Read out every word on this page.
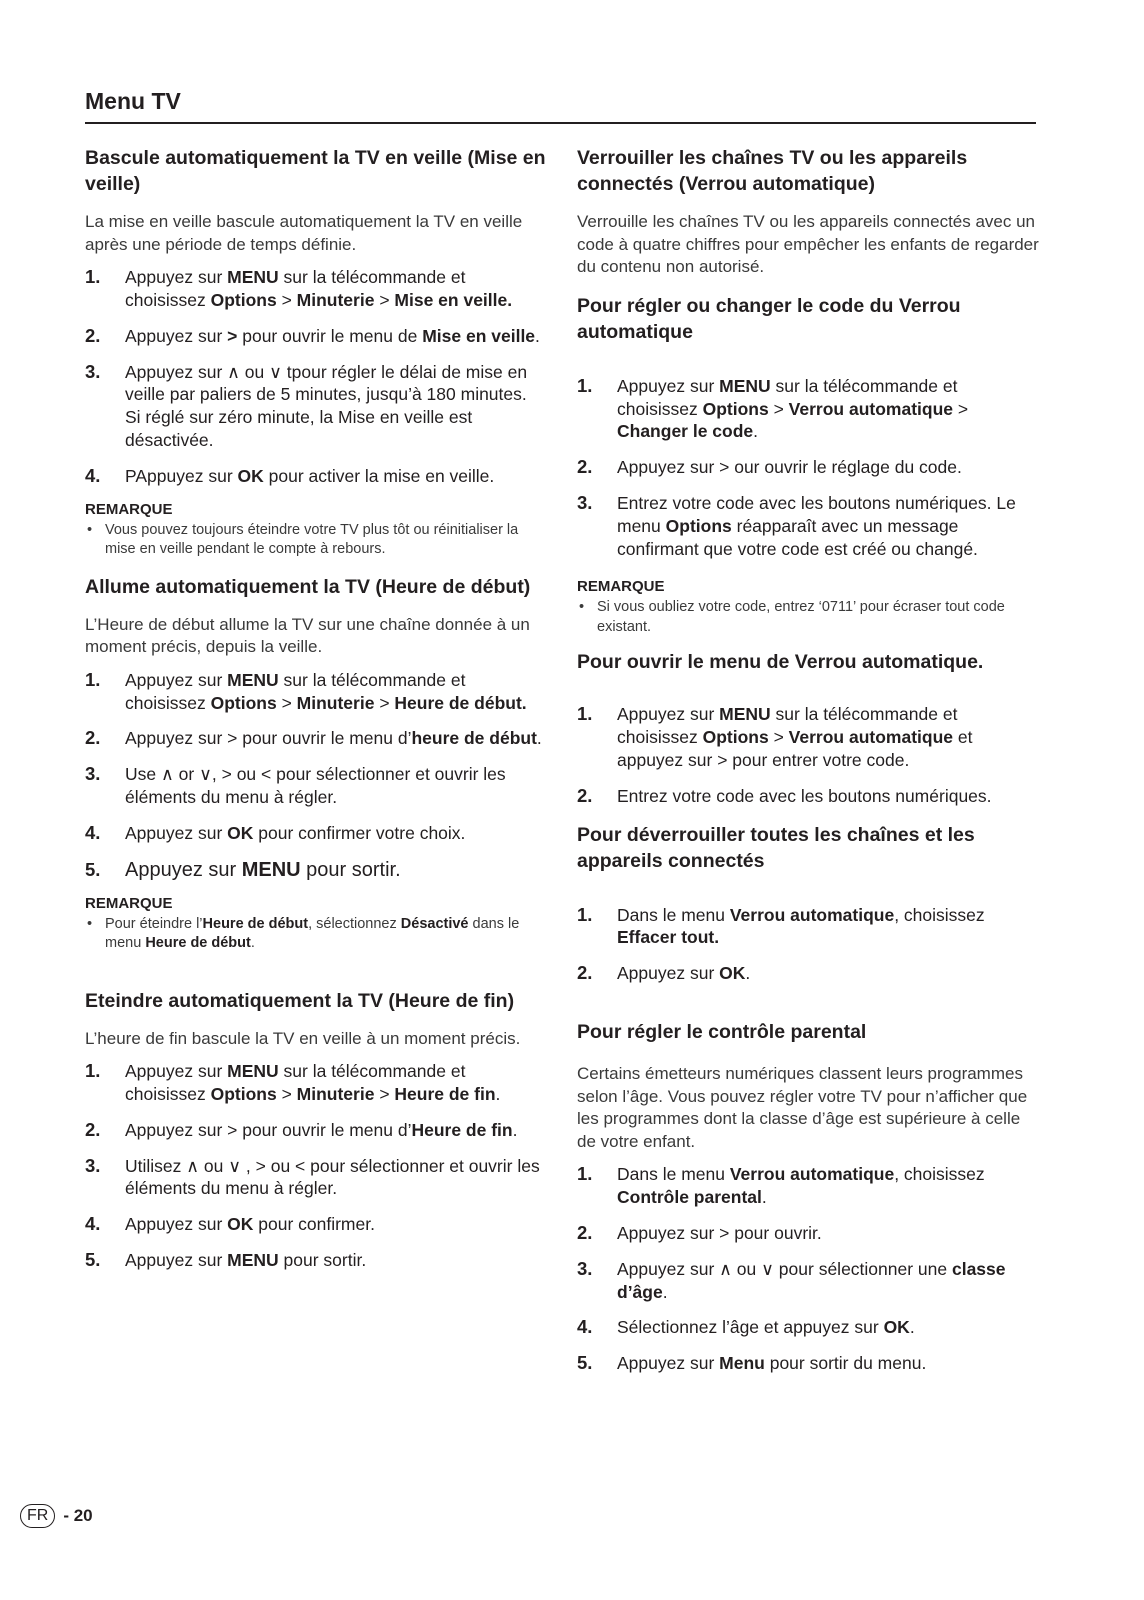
Menu TV
Bascule automatiquement la TV en veille (Mise en veille)

La mise en veille bascule automatiquement la TV en veille après une période de temps définie.

1. Appuyez sur MENU sur la télécommande et choisissez Options > Minuterie > Mise en veille.
2. Appuyez sur > pour ouvrir le menu de Mise en veille.
3. Appuyez sur ∧ ou ∨ tpour régler le délai de mise en veille par paliers de 5 minutes, jusqu’à 180 minutes. Si réglé sur zéro minute, la Mise en veille est désactivée.
4. PAppuyez sur OK pour activer la mise en veille.
REMARQUE
• Vous pouvez toujours éteindre votre TV plus tôt ou réinitialiser la mise en veille pendant le compte à rebours.
Allume automatiquement la TV (Heure de début)

L’Heure de début allume la TV sur une chaîne donnée à un moment précis, depuis la veille.

1. Appuyez sur MENU sur la télécommande et choisissez Options > Minuterie > Heure de début.
2. Appuyez sur > pour ouvrir le menu d’heure de début.
3. Use ∧ or ∨, > ou < pour sélectionner et ouvrir les éléments du menu à régler.
4. Appuyez sur OK pour confirmer votre choix.
5. Appuyez sur MENU pour sortir.
REMARQUE
• Pour éteindre l’Heure de début, sélectionnez Désactivé dans le menu Heure de début.
Eteindre automatiquement la TV (Heure de fin)

L’heure de fin bascule la TV en veille à un moment précis.

1. Appuyez sur MENU sur la télécommande et choisissez Options > Minuterie > Heure de fin.
2. Appuyez sur > pour ouvrir le menu d’Heure de fin.
3. Utilisez ∧ ou ∨ , > ou < pour sélectionner et ouvrir les éléments du menu à régler.
4. Appuyez sur OK pour confirmer.
5. Appuyez sur MENU pour sortir.
Verrouiller les chaînes TV ou les appareils connectés (Verrou automatique)

Verrouille les chaînes TV ou les appareils connectés avec un code à quatre chiffres pour empêcher les enfants de regarder du contenu non autorisé.

Pour régler ou changer le code du Verrou automatique
1. Appuyez sur MENU sur la télécommande et choisissez Options > Verrou automatique > Changer le code.
2. Appuyez sur > our ouvrir le réglage du code.
3. Entrez votre code avec les boutons numériques. Le menu Options réapparaît avec un message confirmant que votre code est créé ou changé.
REMARQUE
• Si vous oubliez votre code, entrez ‘0711’ pour écraser tout code existant.
Pour ouvrir le menu de Verrou automatique.
1. Appuyez sur MENU sur la télécommande et choisissez Options > Verrou automatique et appuyez sur > pour entrer votre code.
2. Entrez votre code avec les boutons numériques.
Pour déverrouiller toutes les chaînes et les appareils connectés
1. Dans le menu Verrou automatique, choisissez Effacer tout.
2. Appuyez sur OK.
Pour régler le contrôle parental

Certains émetteurs numériques classent leurs programmes selon l’âge. Vous pouvez régler votre TV pour n’afficher que les programmes dont la classe d’âge est supérieure à celle de votre enfant.

1. Dans le menu Verrou automatique, choisissez Contrôle parental.
2. Appuyez sur > pour ouvrir.
3. Appuyez sur ∧ ou ∨ pour sélectionner une classe d’âge.
4. Sélectionnez l’âge et appuyez sur OK.
5. Appuyez sur Menu pour sortir du menu.
FR - 20
